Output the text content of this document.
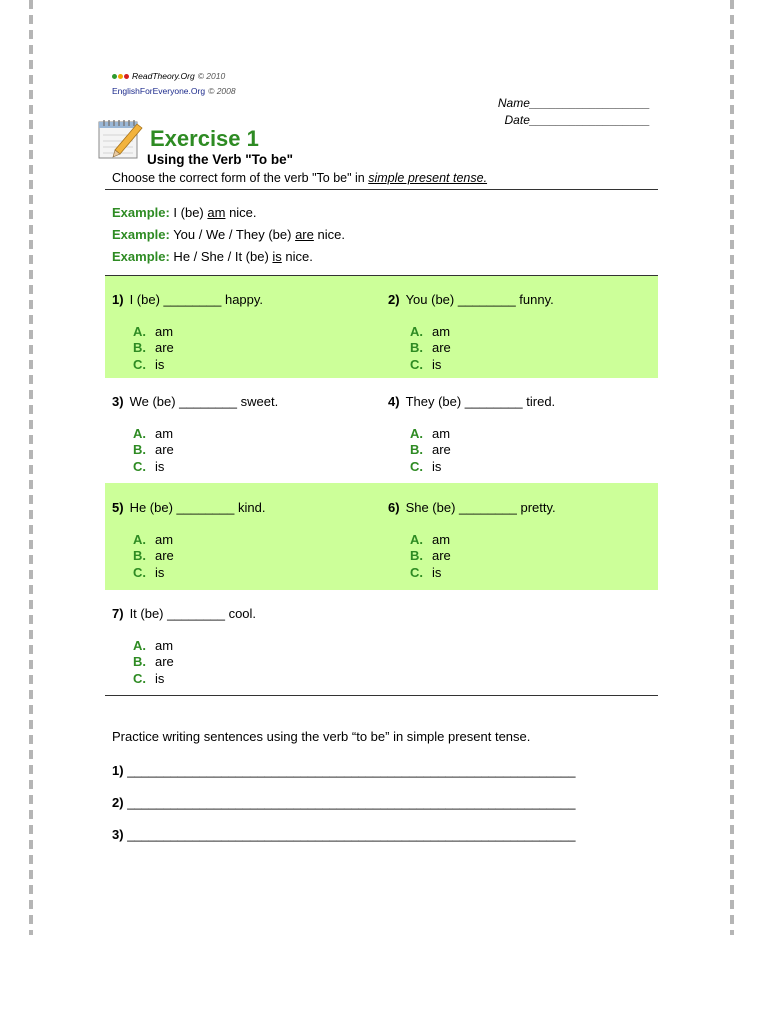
ReadTheory.Org © 2010
EnglishForEveryone.Org © 2008
Name__________________
Date__________________
Exercise 1
Using the Verb "To be"
Choose the correct form of the verb "To be" in simple present tense.
Example: I (be) am nice.
Example: You / We / They (be) are nice.
Example: He / She / It (be) is nice.
1) I (be) ________ happy.
A. am
B. are
C. is
2) You (be) ________ funny.
A. am
B. are
C. is
3) We (be) ________ sweet.
A. am
B. are
C. is
4) They (be) ________ tired.
A. am
B. are
C. is
5) He (be) ________ kind.
A. am
B. are
C. is
6) She (be) ________ pretty.
A. am
B. are
C. is
7) It (be) ________ cool.
A. am
B. are
C. is
Practice writing sentences using the verb “to be” in simple present tense.
1) ______________________________________________________________
2) ______________________________________________________________
3) ______________________________________________________________
